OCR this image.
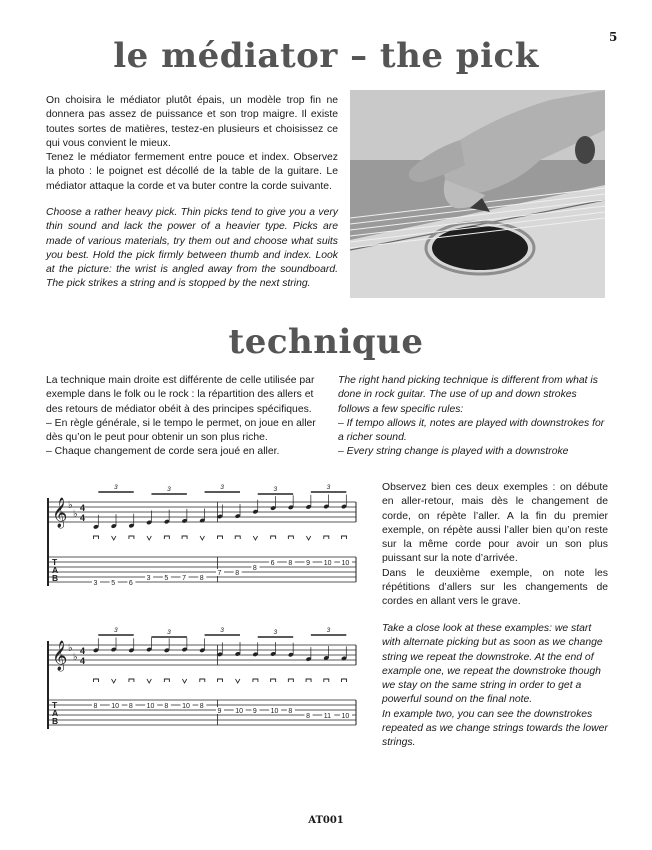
5
le médiator – the pick

On choisira le médiator plutôt épais, un modèle trop fin ne donnera pas assez de puissance et son trop maigre. Il existe toutes sortes de matières, testez-en plusieurs et choisissez ce qui vous convient le mieux.

Tenez le médiator fermement entre pouce et index. Observez la photo : le poignet est décollé de la table de la guitare. Le médiator attaque la corde et va buter contre la corde suivante.

Choose a rather heavy pick. Thin picks tend to give you a very thin sound and lack the power of a heavier type. Picks are made of various materials, try them out and choose what suits you best. Hold the pick firmly between thumb and index. Look at the picture: the wrist is angled away from the soundboard. The pick strikes a string and is stopped by the next string.

technique

La technique main droite est différente de celle utilisée par exemple dans le folk ou le rock : la répartition des allers et des retours de médiator obéit à des principes spécifiques.

– En règle générale, si le tempo le permet, on joue en aller dès qu’on le peut pour obtenir un son plus riche.

– Chaque changement de corde sera joué en aller.

The right hand picking technique is different from what is done in rock guitar. The use of up and down strokes follows a few specific rules:

– If tempo allows it, notes are played with downstrokes for a richer sound.

– Every string change is played with a downstroke

𝄞 ♭
♭
4
4
T
A
B
3 5 6
3 5 7 8
7 8
8
6 8 9 10 10
3	3	3	3	3
𝄞 ♭
♭
4
4
T
A
B
8 10 8 10 8 10 8
9 10 9 10 8
8 11 10
3	3	3	3	3

Observez bien ces deux exemples : on débute en aller-retour, mais dès le changement de corde, on répète l’aller. A la fin du premier exemple, on répète aussi l’aller bien qu’on reste sur la même corde pour avoir un son plus puissant sur la note d’arrivée.

Dans le deuxième exemple, on note les répétitions d’allers sur les changements de cordes en allant vers le grave.

Take a close look at these examples: we start with alternate picking but as soon as we change string we repeat the downstroke. At the end of example one, we repeat the downstroke though we stay on the same string in order to get a powerful sound on the final note.

In example two, you can see the downstrokes repeated as we change strings towards the lower strings.

AT001
